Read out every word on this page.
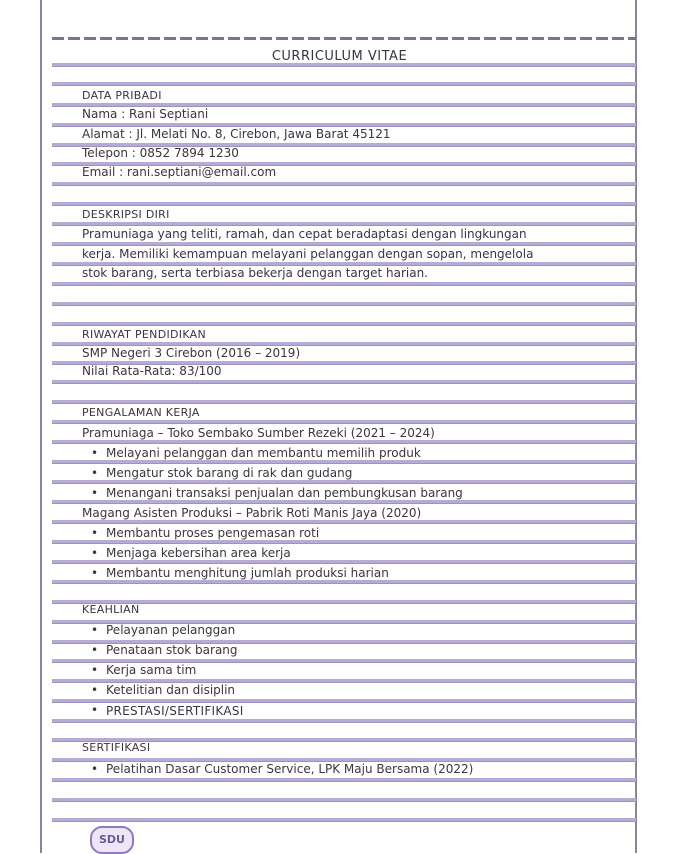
CURRICULUM VITAE
DATA PRIBADI
Nama : Rani Septiani
Alamat : Jl. Melati No. 8, Cirebon, Jawa Barat 45121
Telepon : 0852 7894 1230
Email : rani.septiani@email.com
DESKRIPSI DIRI
Pramuniaga yang teliti, ramah, dan cepat beradaptasi dengan lingkungan
kerja. Memiliki kemampuan melayani pelanggan dengan sopan, mengelola
stok barang, serta terbiasa bekerja dengan target harian.
RIWAYAT PENDIDIKAN
SMP Negeri 3 Cirebon (2016 – 2019)
Nilai Rata-Rata: 83/100
PENGALAMAN KERJA
Pramuniaga – Toko Sembako Sumber Rezeki (2021 – 2024)
• Melayani pelanggan dan membantu memilih produk
• Mengatur stok barang di rak dan gudang
• Menangani transaksi penjualan dan pembungkusan barang
Magang Asisten Produksi – Pabrik Roti Manis Jaya (2020)
• Membantu proses pengemasan roti
• Menjaga kebersihan area kerja
• Membantu menghitung jumlah produksi harian
KEAHLIAN
• Pelayanan pelanggan
• Penataan stok barang
• Kerja sama tim
• Ketelitian dan disiplin
• PRESTASI/SERTIFIKASI
SERTIFIKASI
• Pelatihan Dasar Customer Service, LPK Maju Bersama (2022)
SDU
